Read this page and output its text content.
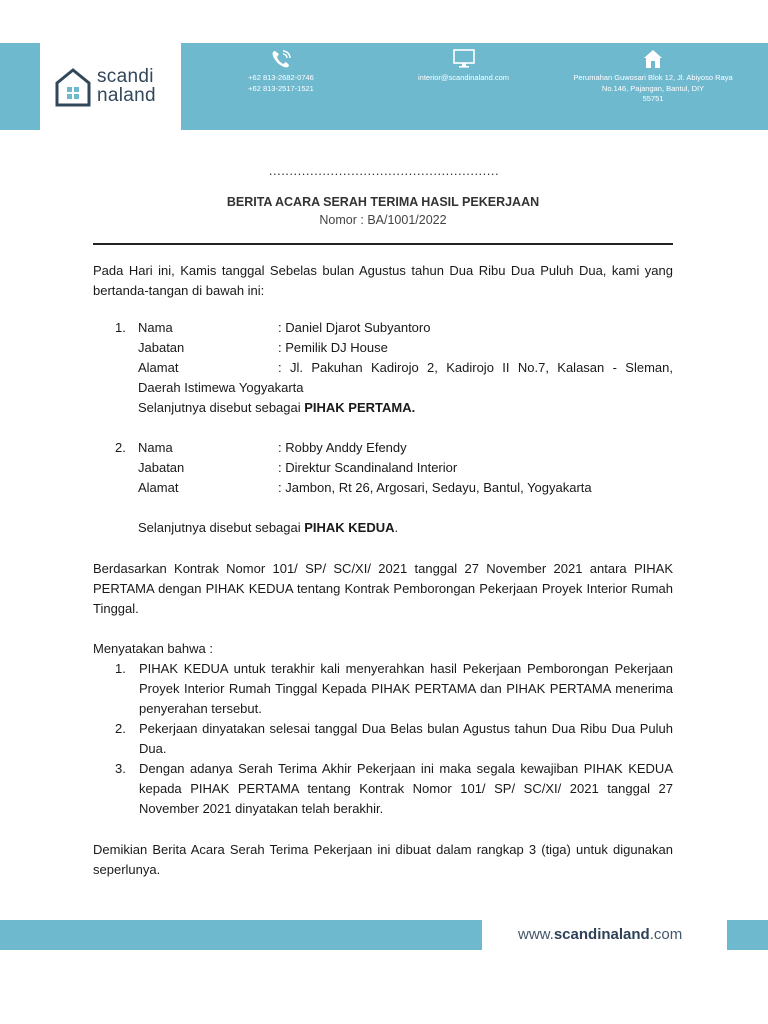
scandi
naland
+62 813-2682-0746
+62 813-2517-1521
interior@scandinaland.com	Perumahan Guwosari Blok 12, Jl. Abiyoso Raya
No.146, Pajangan, Bantul, DIY
55751
........................................................
BERITA ACARA SERAH TERIMA HASIL PEKERJAAN
Nomor : BA/1001/2022
Pada Hari ini, Kamis tanggal Sebelas bulan Agustus tahun Dua Ribu Dua Puluh Dua, kami yang bertanda-tangan di bawah ini:
1. Nama	: Daniel Djarot Subyantoro
Jabatan	: Pemilik DJ House
Alamat	: Jl. Pakuhan Kadirojo 2, Kadirojo II No.7, Kalasan - Sleman,
Daerah Istimewa Yogyakarta
Selanjutnya disebut sebagai PIHAK PERTAMA.
2. Nama	: Robby Anddy Efendy
Jabatan	: Direktur Scandinaland Interior
Alamat	: Jambon, Rt 26, Argosari, Sedayu, Bantul, Yogyakarta
Selanjutnya disebut sebagai PIHAK KEDUA.
Berdasarkan Kontrak Nomor 101/ SP/ SC/XI/ 2021 tanggal 27 November 2021 antara PIHAK PERTAMA dengan PIHAK KEDUA tentang Kontrak Pemborongan Pekerjaan Proyek Interior Rumah Tinggal.
Menyatakan bahwa :
1. PIHAK KEDUA untuk terakhir kali menyerahkan hasil Pekerjaan Pemborongan Pekerjaan Proyek Interior Rumah Tinggal Kepada PIHAK PERTAMA dan PIHAK PERTAMA menerima penyerahan tersebut.
2. Pekerjaan dinyatakan selesai tanggal Dua Belas bulan Agustus tahun Dua Ribu Dua Puluh Dua.
3. Dengan adanya Serah Terima Akhir Pekerjaan ini maka segala kewajiban PIHAK KEDUA kepada PIHAK PERTAMA tentang Kontrak Nomor 101/ SP/ SC/XI/ 2021 tanggal 27 November 2021 dinyatakan telah berakhir.
Demikian Berita Acara Serah Terima Pekerjaan ini dibuat dalam rangkap 3 (tiga) untuk digunakan seperlunya.
www.scandinaland.com
